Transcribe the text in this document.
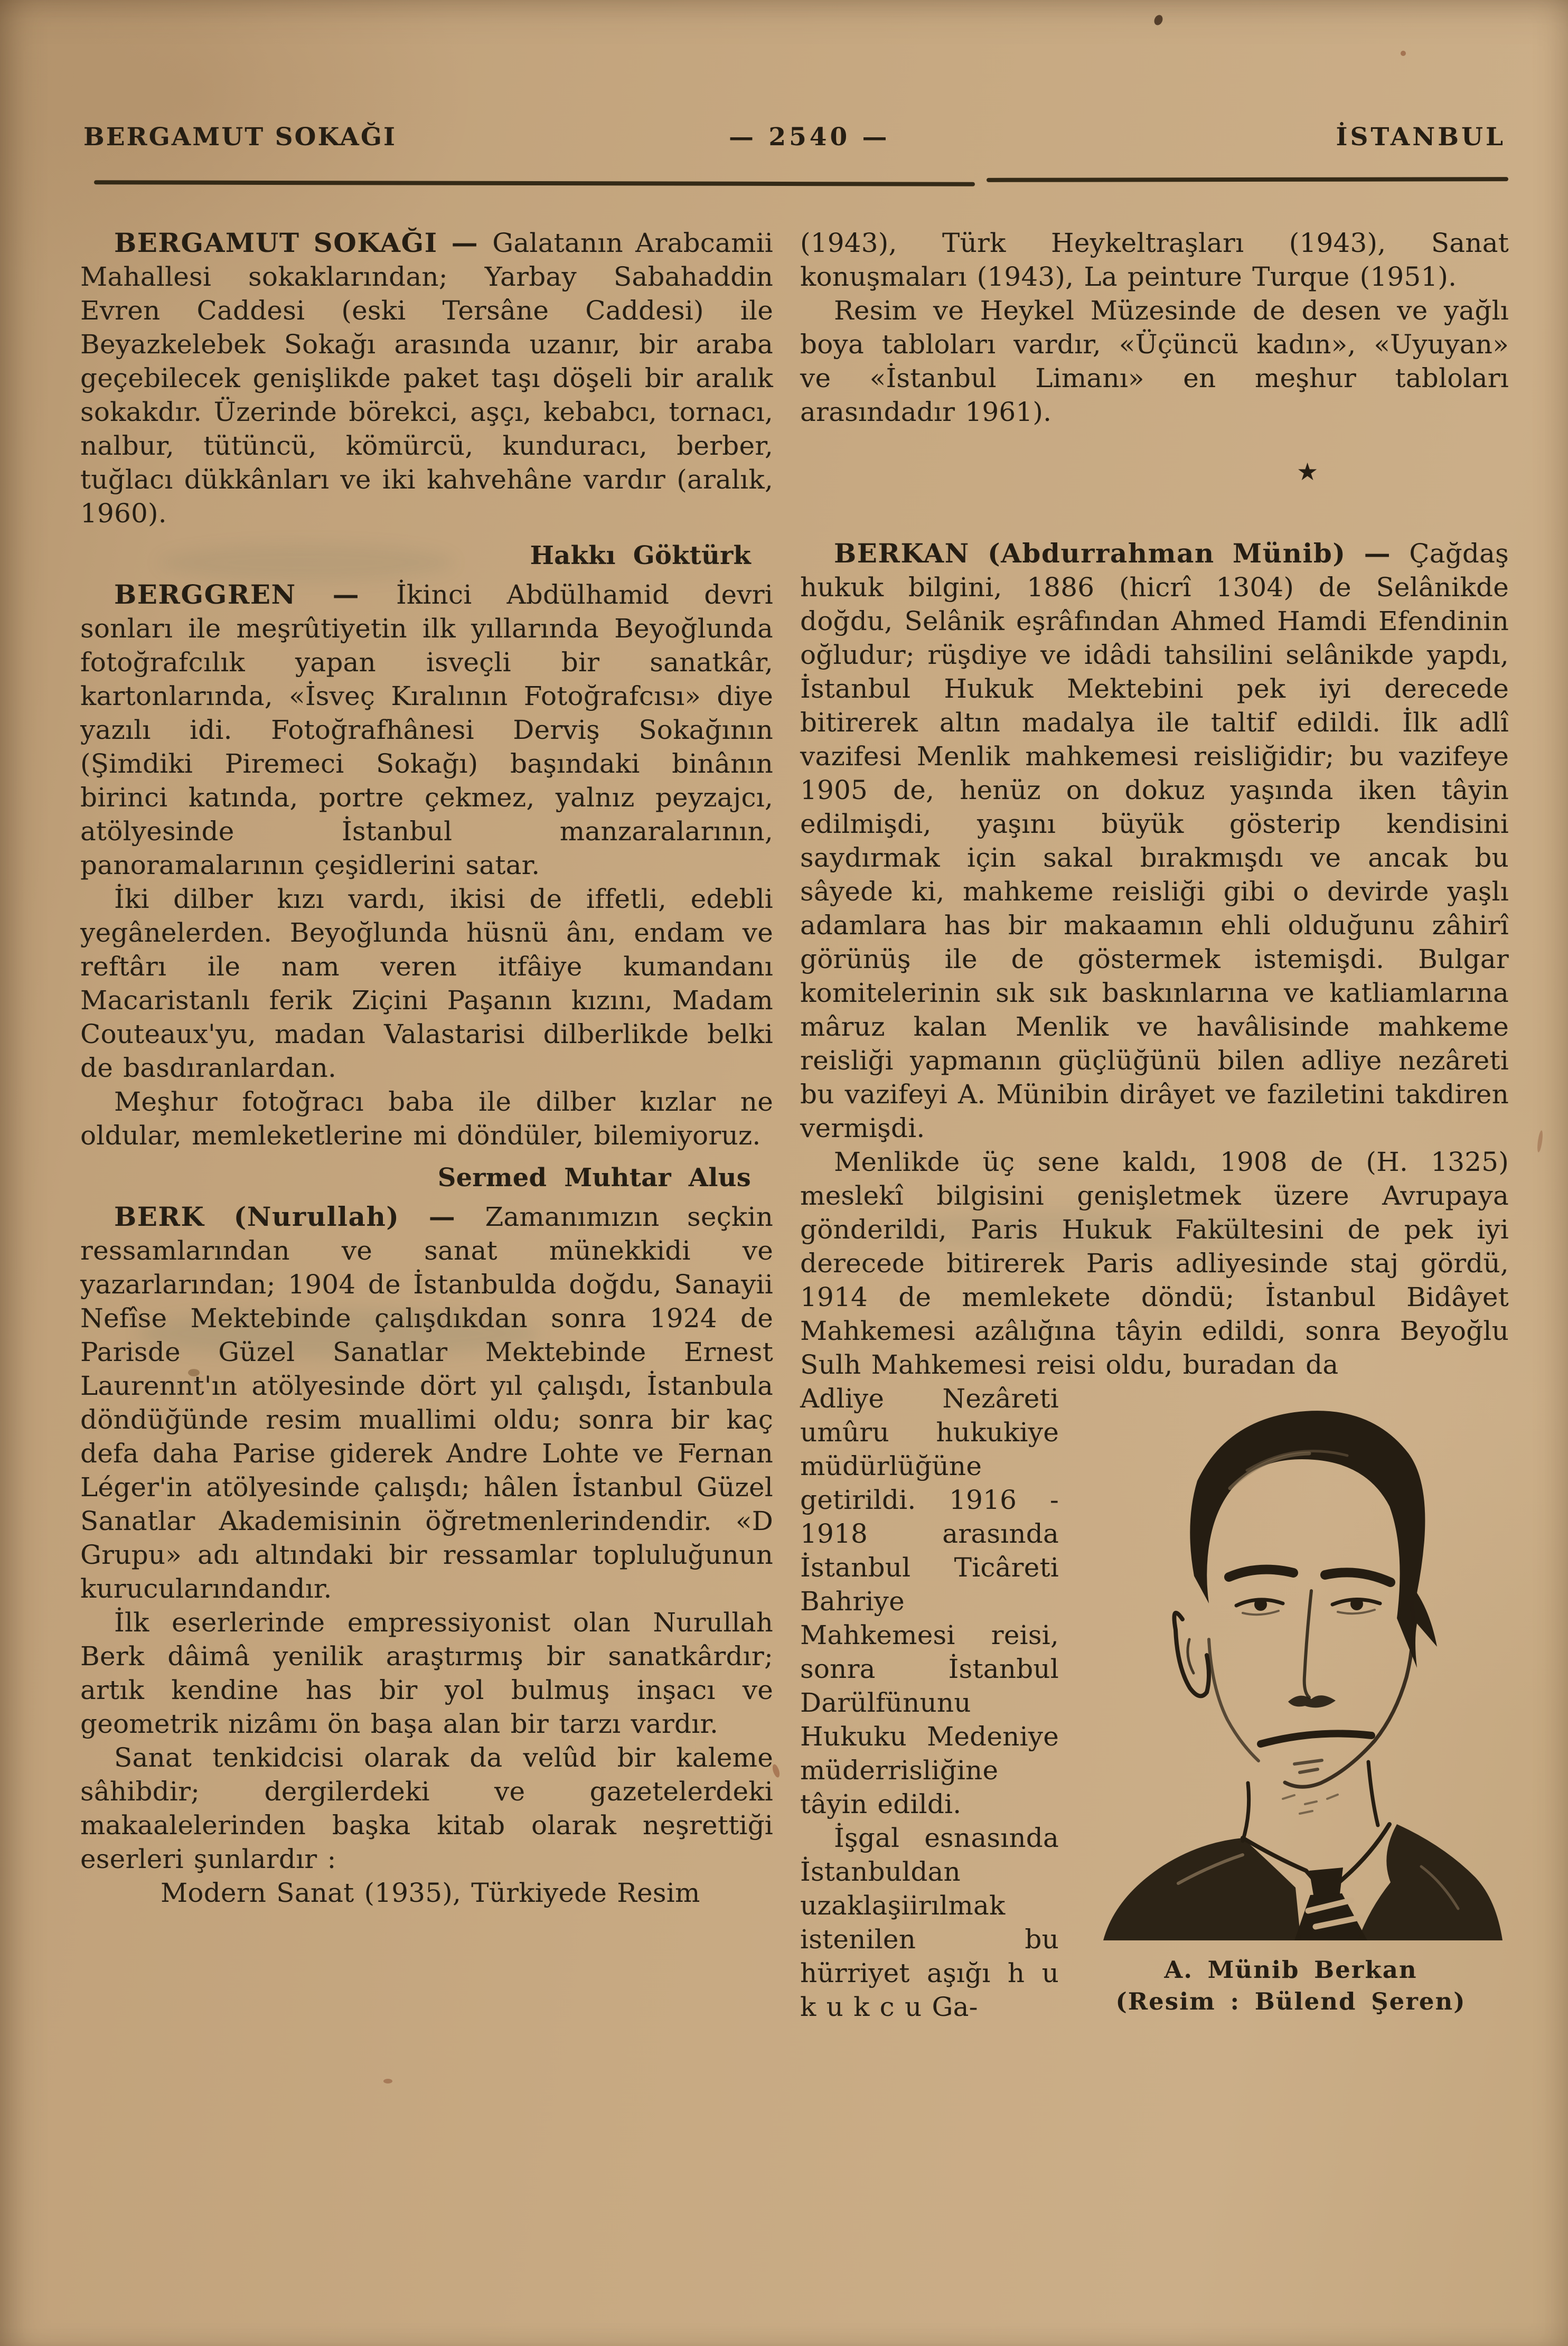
BERGAMUT SOKAĞI	— 2540 —	İSTANBUL

BERGAMUT SOKAĞI — Galatanın Arabcamii Mahallesi sokaklarından; Yarbay Sabahaddin Evren Caddesi (eski Tersâne Caddesi) ile Beyazkelebek Sokağı arasında uzanır, bir araba geçebilecek genişlikde paket taşı döşeli bir aralık sokakdır. Üzerinde börekci, aşçı, kebabcı, tornacı, nalbur, tütüncü, kömürcü, kunduracı, berber, tuğlacı dükkânları ve iki kahvehâne vardır (aralık, 1960).

Hakkı Göktürk

BERGGREN — İkinci Abdülhamid devri sonları ile meşrûtiyetin ilk yıllarında Beyoğlunda fotoğrafcılık yapan isveçli bir sanatkâr, kartonlarında, «İsveç Kıralının Fotoğrafcısı» diye yazılı idi. Fotoğrafhânesi Derviş Sokağının (Şimdiki Piremeci Sokağı) başındaki binânın birinci katında, portre çekmez, yalnız peyzajcı, atölyesinde İstanbul manzaralarının, panoramalarının çeşidlerini satar.

İki dilber kızı vardı, ikisi de iffetli, edebli yegânelerden. Beyoğlunda hüsnü ânı, endam ve reftârı ile nam veren itfâiye kumandanı Macaristanlı ferik Ziçini Paşanın kızını, Madam Couteaux'yu, madan Valastarisi dilberlikde belki de basdıranlardan.

Meşhur fotoğracı baba ile dilber kızlar ne oldular, memleketlerine mi döndüler, bilemiyoruz.

Sermed Muhtar Alus

BERK (Nurullah) — Zamanımızın seçkin ressamlarından ve sanat münekkidi ve yazarlarından; 1904 de İstanbulda doğdu, Sanayii Nefîse Mektebinde çalışdıkdan sonra 1924 de Parisde Güzel Sanatlar Mektebinde Ernest Laurennt'ın atölyesinde dört yıl çalışdı, İstanbula döndüğünde resim muallimi oldu; sonra bir kaç defa daha Parise giderek Andre Lohte ve Fernan Léger'in atölyesinde çalışdı; hâlen İstanbul Güzel Sanatlar Akademisinin öğretmenlerindendir. «D Grupu» adı altındaki bir ressamlar topluluğunun kurucularındandır.

İlk eserlerinde empressiyonist olan Nurullah Berk dâimâ yenilik araştırmış bir sanatkârdır; artık kendine has bir yol bulmuş inşacı ve geometrik nizâmı ön başa alan bir tarzı vardır.

Sanat tenkidcisi olarak da velûd bir kaleme sâhibdir; dergilerdeki ve gazetelerdeki makaalelerinden başka kitab olarak neşrettiği eserleri şunlardır :

Modern Sanat (1935), Türkiyede Resim

(1943), Türk Heykeltraşları (1943), Sanat konuşmaları (1943), La peinture Turque (1951).

Resim ve Heykel Müzesinde de desen ve yağlı boya tabloları vardır, «Üçüncü kadın», «Uyuyan» ve «İstanbul Limanı» en meşhur tabloları arasındadır 1961).

★

BERKAN (Abdurrahman Münib) — Çağdaş hukuk bilgini, 1886 (hicrî 1304) de Selânikde doğdu, Selânik eşrâfından Ahmed Hamdi Efendinin oğludur; rüşdiye ve idâdi tahsilini selânikde yapdı, İstanbul Hukuk Mektebini pek iyi derecede bitirerek altın madalya ile taltif edildi. İlk adlî vazifesi Menlik mahkemesi reisliğidir; bu vazifeye 1905 de, henüz on dokuz yaşında iken tâyin edilmişdi, yaşını büyük gösterip kendisini saydırmak için sakal bırakmışdı ve ancak bu sâyede ki, mahkeme reisliği gibi o devirde yaşlı adamlara has bir makaamın ehli olduğunu zâhirî görünüş ile de göstermek istemişdi. Bulgar komitelerinin sık sık baskınlarına ve katliamlarına mâruz kalan Menlik ve havâlisinde mahkeme reisliği yapmanın güçlüğünü bilen adliye nezâreti bu vazifeyi A. Münibin dirâyet ve faziletini takdiren vermişdi.

Menlikde üç sene kaldı, 1908 de (H. 1325) meslekî bilgisini genişletmek üzere Avrupaya gönderildi, Paris Hukuk Fakültesini de pek iyi derecede bitirerek Paris adliyesinde staj gördü, 1914 de memlekete döndü; İstanbul Bidâyet Mahkemesi azâlığına tâyin edildi, sonra Beyoğlu Sulh Mahkemesi reisi oldu, buradan da

A. Münib Berkan
(Resim : Bülend Şeren)

Adliye Nezâreti umûru hukukiye müdürlüğüne getirildi. 1916 - 1918 arasında İstanbul Ticâreti Bahriye Mahkemesi reisi, sonra İstanbul Darülfünunu Hukuku Medeniye müderrisliğine tâyin edildi.

İşgal esnasında İstanbuldan uzaklaşiirılmak istenilen bu hürriyet aşığı h u k u k c u Ga-
